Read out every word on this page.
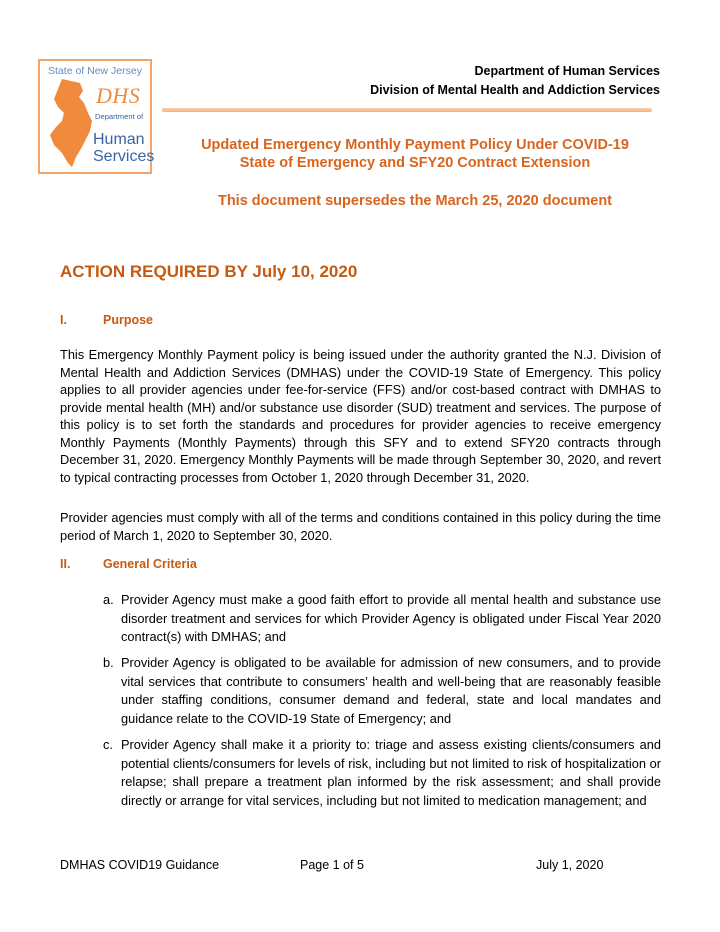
State of New Jersey
DHS
Department of
Human
Services
Department of Human Services
Division of Mental Health and Addiction Services
Updated Emergency Monthly Payment Policy Under COVID-19
State of Emergency and SFY20 Contract Extension
This document supersedes the March 25, 2020 document
ACTION REQUIRED BY July 10, 2020
I.	Purpose
This Emergency Monthly Payment policy is being issued under the authority granted the N.J. Division of Mental Health and Addiction Services (DMHAS) under the COVID-19 State of Emergency. This policy applies to all provider agencies under fee-for-service (FFS) and/or cost-based contract with DMHAS to provide mental health (MH) and/or substance use disorder (SUD) treatment and services. The purpose of this policy is to set forth the standards and procedures for provider agencies to receive emergency Monthly Payments (Monthly Payments) through this SFY and to extend SFY20 contracts through December 31, 2020. Emergency Monthly Payments will be made through September 30, 2020, and revert to typical contracting processes from October 1, 2020 through December 31, 2020.
Provider agencies must comply with all of the terms and conditions contained in this policy during the time period of March 1, 2020 to September 30, 2020.
II.	General Criteria
a. Provider Agency must make a good faith effort to provide all mental health and substance use disorder treatment and services for which Provider Agency is obligated under Fiscal Year 2020 contract(s) with DMHAS; and
b. Provider Agency is obligated to be available for admission of new consumers, and to provide vital services that contribute to consumers’ health and well-being that are reasonably feasible under staffing conditions, consumer demand and federal, state and local mandates and guidance relate to the COVID-19 State of Emergency; and
c. Provider Agency shall make it a priority to: triage and assess existing clients/consumers and potential clients/consumers for levels of risk, including but not limited to risk of hospitalization or relapse; shall prepare a treatment plan informed by the risk assessment; and shall provide directly or arrange for vital services, including but not limited to medication management; and
DMHAS COVID19 Guidance	Page 1 of 5	July 1, 2020
